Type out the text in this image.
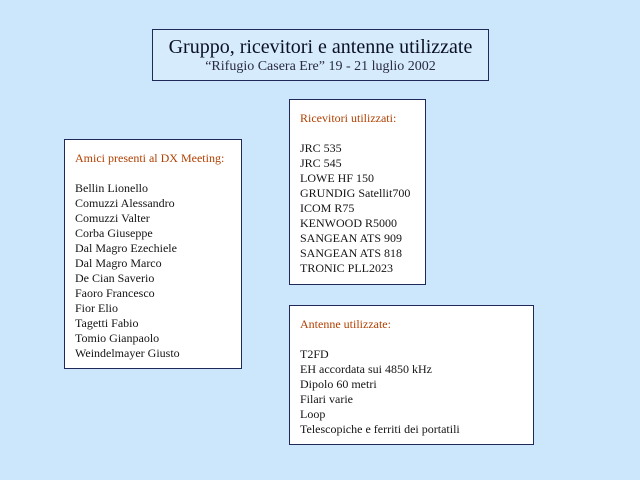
Gruppo, ricevitori e antenne utilizzate
“Rifugio Casera Ere” 19 - 21 luglio 2002
Amici presenti al DX Meeting:
Bellin Lionello
Comuzzi Alessandro
Comuzzi Valter
Corba Giuseppe
Dal Magro Ezechiele
Dal Magro Marco
De Cian Saverio
Faoro Francesco
Fior Elio
Tagetti Fabio
Tomio Gianpaolo
Weindelmayer Giusto
Ricevitori utilizzati:
JRC 535
JRC 545
LOWE HF 150
GRUNDIG Satellit700
ICOM R75
KENWOOD R5000
SANGEAN ATS 909
SANGEAN ATS 818
TRONIC PLL2023
Antenne utilizzate:
T2FD
EH accordata sui 4850 kHz
Dipolo 60 metri
Filari varie
Loop
Telescopiche e ferriti dei portatili
